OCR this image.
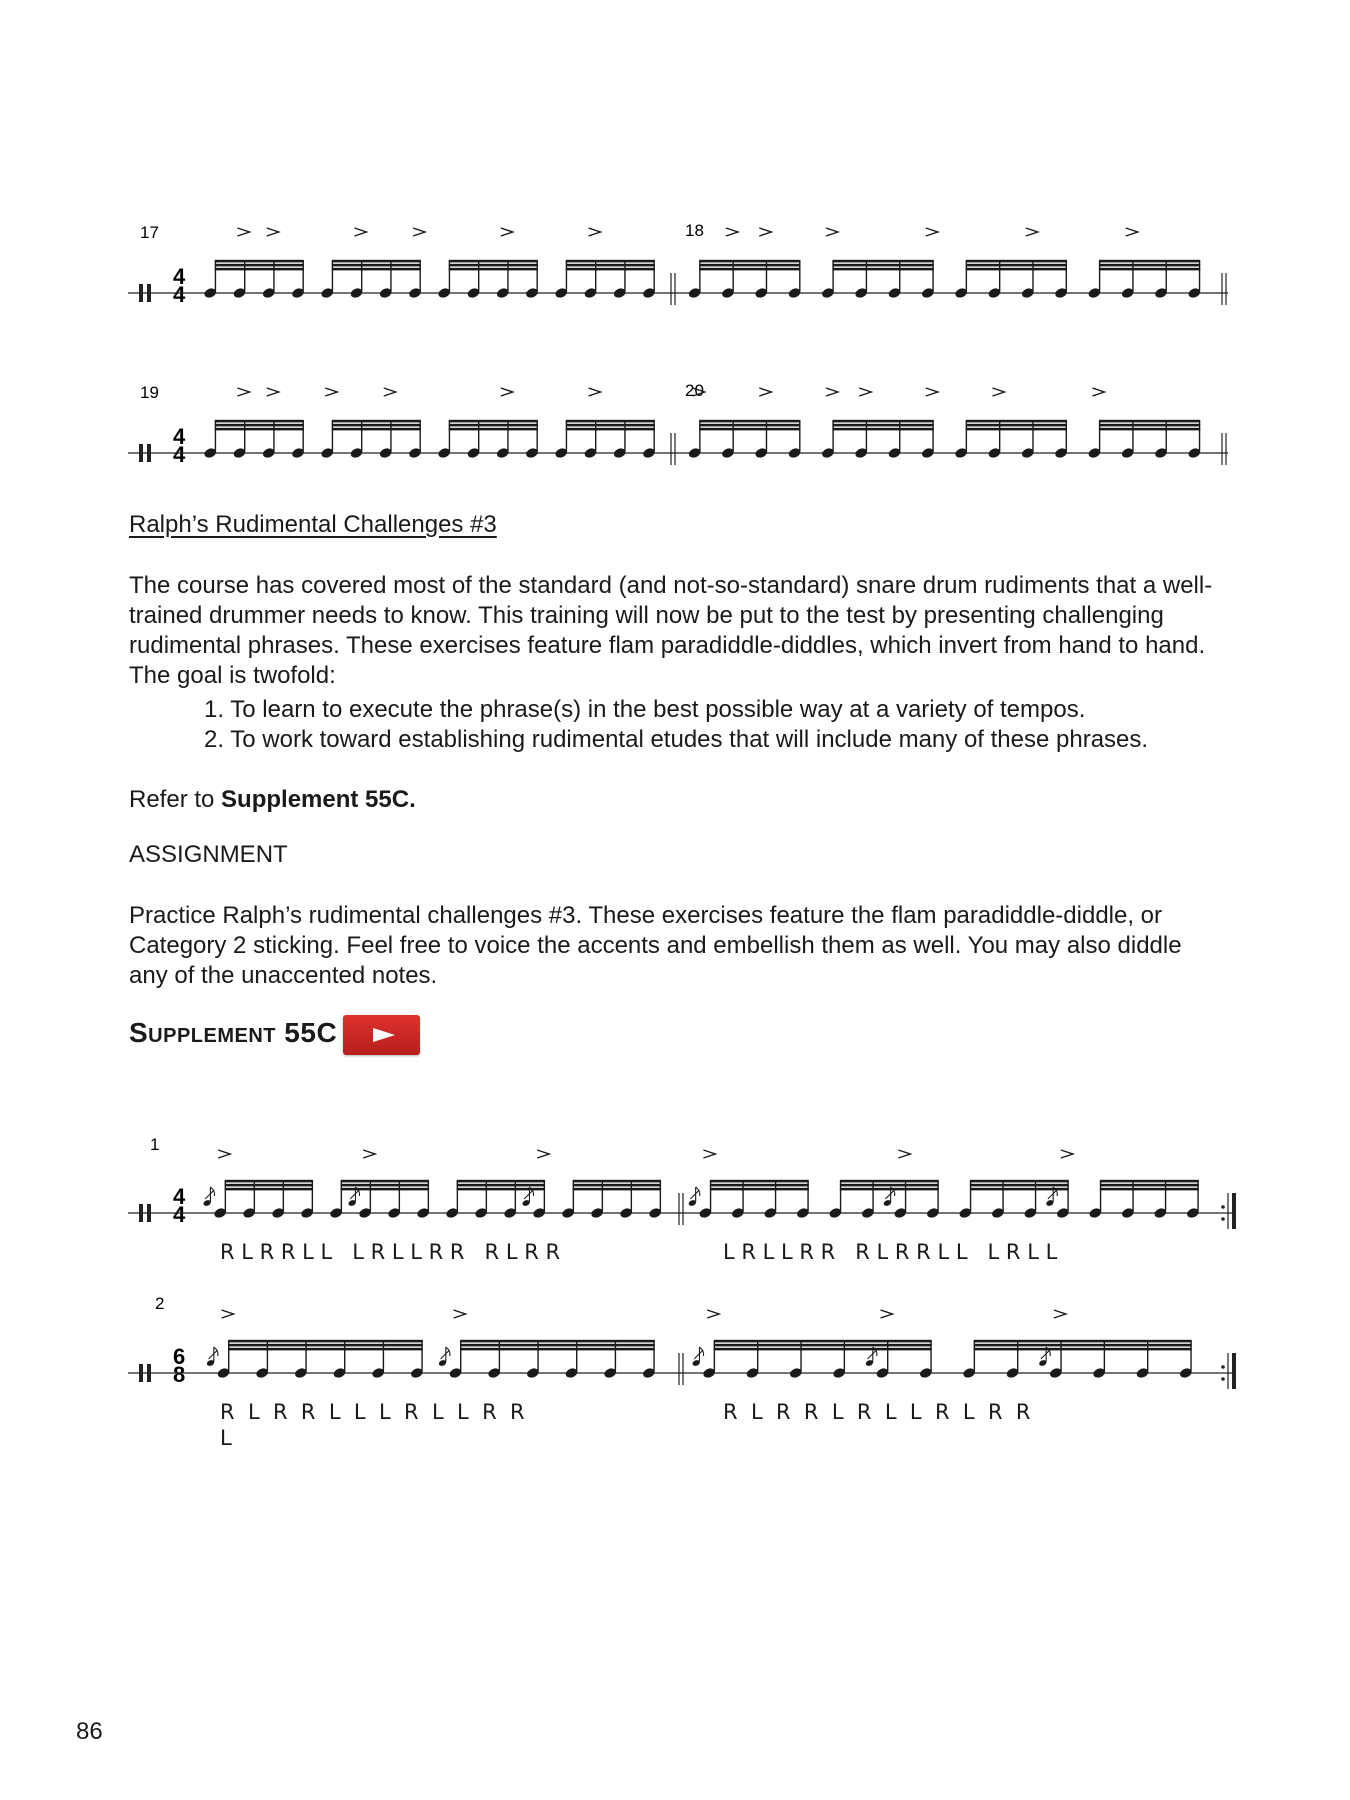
17	18
4
4
19	20
4
4
Ralph’s Rudimental Challenges #3

The course has covered most of the standard (and not-so-standard) snare drum rudiments that a well-trained drummer needs to know. This training will now be put to the test by presenting challenging rudimental phrases. These exercises feature flam paradiddle-diddles, which invert from hand to hand. The goal is twofold:

1. To learn to execute the phrase(s) in the best possible way at a variety of tempos.
2. To work toward establishing rudimental etudes that will include many of these phrases.

Refer to Supplement 55C.

ASSIGNMENT

Practice Ralph’s rudimental challenges #3. These exercises feature the flam paradiddle-diddle, or Category 2 sticking. Feel free to voice the accents and embellish them as well. You may also diddle any of the unaccented notes.

Supplement 55C
1
4
4
R L R R L L   L R L L R R   R L R R	L R L L R R   R L R R L L   L R L L
2
6
8
R  L  R  R  L  L  L  R  L  L  R  R
L
R  L  R  R  L  R  L  L  R  L  R  R

86
